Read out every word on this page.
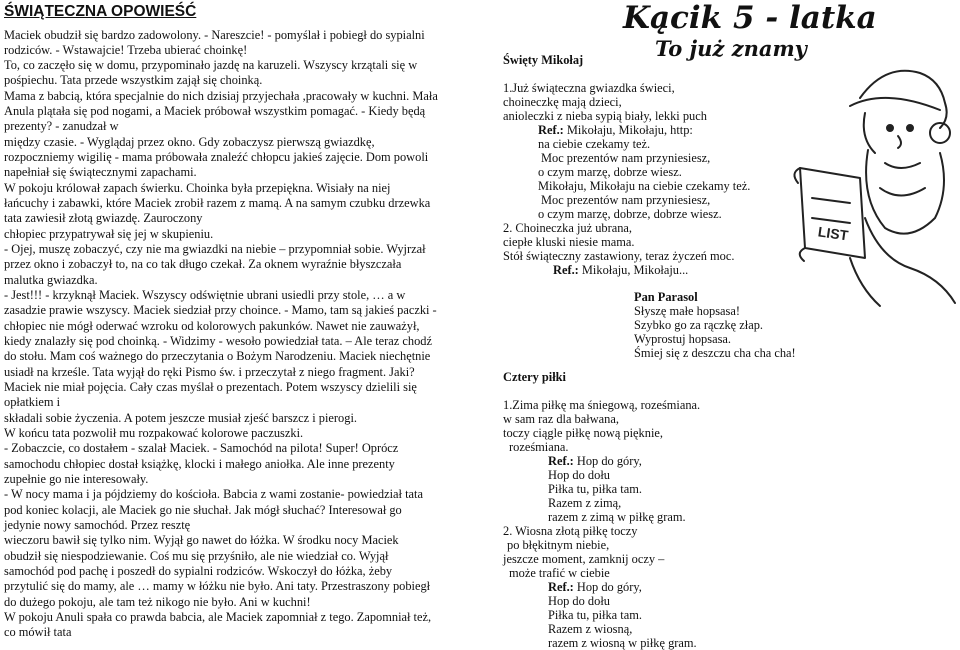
ŚWIĄTECZNA OPOWIEŚĆ
Maciek obudził się bardzo zadowolony. - Nareszcie! - pomyślał i pobiegł do sypialni
rodziców. - Wstawajcie! Trzeba ubierać choinkę!
To, co zaczęło się w domu, przypominało jazdę na karuzeli. Wszyscy krzątali się w
pośpiechu. Tata przede wszystkim zajął się choinką.
Mama z babcią, która specjalnie do nich dzisiaj przyjechała ,pracowały w kuchni. Mała
Anula plątała się pod nogami, a Maciek próbował wszystkim pomagać. - Kiedy będą
prezenty? - zanudzał w
między czasie. - Wyglądaj przez okno. Gdy zobaczysz pierwszą gwiazdkę,
rozpoczniemy wigilię - mama próbowała znaleźć chłopcu jakieś zajęcie. Dom powoli
napełniał się świątecznymi zapachami.
W pokoju królował zapach świerku. Choinka była przepiękna. Wisiały na niej
łańcuchy i zabawki, które Maciek zrobił razem z mamą. A na samym czubku drzewka
tata zawiesił złotą gwiazdę. Zauroczony
chłopiec przypatrywał się jej w skupieniu.
- Ojej, muszę zobaczyć, czy nie ma gwiazdki na niebie – przypomniał sobie. Wyjrzał
przez okno i zobaczył to, na co tak długo czekał. Za oknem wyraźnie błyszczała
malutka gwiazdka.
- Jest!!! - krzyknął Maciek. Wszyscy odświętnie ubrani usiedli przy stole, … a w
zasadzie prawie wszyscy. Maciek siedział przy choince. - Mamo, tam są jakieś paczki -
chłopiec nie mógł oderwać wzroku od kolorowych pakunków. Nawet nie zauważył,
kiedy znalazły się pod choinką. - Widzimy - wesoło powiedział tata. – Ale teraz chodź
do stołu. Mam coś ważnego do przeczytania o Bożym Narodzeniu. Maciek niechętnie
usiadł na krześle. Tata wyjął do ręki Pismo św. i przeczytał z niego fragment. Jaki?
Maciek nie miał pojęcia. Cały czas myślał o prezentach. Potem wszyscy dzielili się
opłatkiem i
składali sobie życzenia. A potem jeszcze musiał zjeść barszcz i pierogi.
W końcu tata pozwolił mu rozpakować kolorowe paczuszki.
- Zobaczcie, co dostałem - szalał Maciek. - Samochód na pilota! Super! Oprócz
samochodu chłopiec dostał książkę, klocki i małego aniołka. Ale inne prezenty
zupełnie go nie interesowały.
- W nocy mama i ja pójdziemy do kościoła. Babcia z wami zostanie- powiedział tata
pod koniec kolacji, ale Maciek go nie słuchał. Jak mógł słuchać? Interesował go
jedynie nowy samochód. Przez resztę
wieczoru bawił się tylko nim. Wyjął go nawet do łóżka. W środku nocy Maciek
obudził się niespodziewanie. Coś mu się przyśniło, ale nie wiedział co. Wyjął
samochód pod pachę i poszedł do sypialni rodziców. Wskoczył do łóżka, żeby
przytulić się do mamy, ale … mamy w łóżku nie było. Ani taty. Przestraszony pobiegł
do dużego pokoju, ale tam też nikogo nie było. Ani w kuchni!
W pokoju Anuli spała co prawda babcia, ale Maciek zapomniał z tego. Zapomniał też,
co mówił tata
Kącik 5 - latka
To już znamy
Święty Mikołaj
1.Już świąteczna gwiazdka świeci,
choineczkę mają dzieci,
anioleczki z nieba sypią biały, lekki puch
Ref.: Mikołaju, Mikołaju, http:
na ciebie czekamy też.
Moc prezentów nam przyniesiesz,
o czym marzę, dobrze wiesz.
Mikołaju, Mikołaju na ciebie czekamy też.
Moc prezentów nam przyniesiesz,
o czym marzę, dobrze, dobrze wiesz.
2. Choineczka już ubrana,
ciepłe kluski niesie mama.
Stół świąteczny zastawiony, teraz życzeń moc.
Ref.: Mikołaju, Mikołaju...
Pan Parasol
Słyszę małe hopsasa!
Szybko go za rączkę złap.
Wyprostuj hopsasa.
Śmiej się z deszczu cha cha cha!
Cztery piłki
1.Zima piłkę ma śniegową, roześmiana.
w sam raz dla bałwana,
toczy ciągle piłkę nową pięknie,
roześmiana.
Ref.: Hop do góry,
Hop do dołu
Piłka tu, piłka tam.
Razem z zimą,
razem z zimą w piłkę gram.
2. Wiosna złotą piłkę toczy
po błękitnym niebie,
jeszcze moment, zamknij oczy –
może trafić w ciebie
Ref.: Hop do góry,
Hop do dołu
Piłka tu, piłka tam.
Razem z wiosną,
razem z wiosną w piłkę gram.
LIST
